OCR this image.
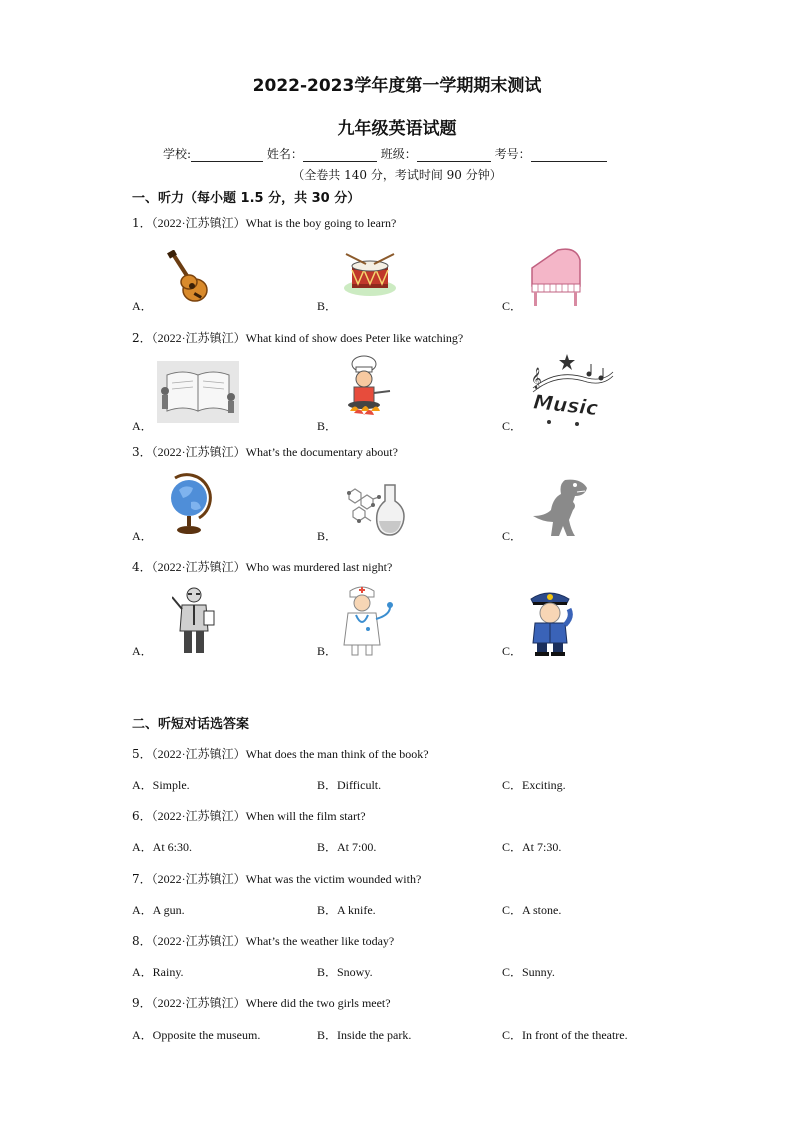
2022-2023学年度第一学期期末测试
九年级英语试题
学校:	姓名：	班级：	考号：
（全卷共 140 分，考试时间 90 分钟）
一、听力（每小题 1.5 分，共 30 分）
1．（2022·江苏镇江）What is the boy going to learn?
A．	B．	C．
2．（2022·江苏镇江）What kind of show does Peter like watching?
A．	B．	C．
𝄞
Music
3．（2022·江苏镇江）What’s the documentary about?
A．	B．	C．
4．（2022·江苏镇江）Who was murdered last night?
A．	B．	C．
二、听短对话选答案
5．（2022·江苏镇江）What does the man think of the book?
A．Simple.	B．Difficult.	C．Exciting.
6．（2022·江苏镇江）When will the film start?
A．At 6:30.	B．At 7:00.	C．At 7:30.
7．（2022·江苏镇江）What was the victim wounded with?
A．A gun.	B．A knife.	C．A stone.
8．（2022·江苏镇江）What’s the weather like today?
A．Rainy.	B．Snowy.	C．Sunny.
9．（2022·江苏镇江）Where did the two girls meet?
A．Opposite the museum.	B．Inside the park.	C．In front of the theatre.
